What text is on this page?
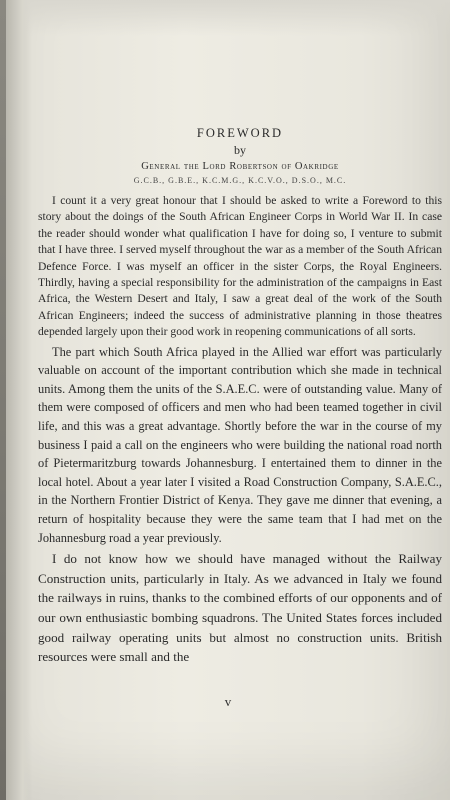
FOREWORD

by

General the Lord Robertson of Oakridge

G.C.B., G.B.E., K.C.M.G., K.C.V.O., D.S.O., M.C.

I count it a very great honour that I should be asked to write a Foreword to this story about the doings of the South African Engineer Corps in World War II. In case the reader should wonder what qualification I have for doing so, I venture to submit that I have three. I served myself throughout the war as a member of the South African Defence Force. I was myself an officer in the sister Corps, the Royal Engineers. Thirdly, having a special responsibility for the administration of the campaigns in East Africa, the Western Desert and Italy, I saw a great deal of the work of the South African Engineers; indeed the success of administrative planning in those theatres depended largely upon their good work in reopening communications of all sorts.

The part which South Africa played in the Allied war effort was particularly valuable on account of the important contribution which she made in technical units. Among them the units of the S.A.E.C. were of outstanding value. Many of them were composed of officers and men who had been teamed together in civil life, and this was a great advantage. Shortly before the war in the course of my business I paid a call on the engineers who were building the national road north of Pietermaritzburg towards Johannesburg. I entertained them to dinner in the local hotel. About a year later I visited a Road Construction Company, S.A.E.C., in the Northern Frontier District of Kenya. They gave me dinner that evening, a return of hospitality because they were the same team that I had met on the Johannesburg road a year previously.

I do not know how we should have managed without the Railway Construction units, particularly in Italy. As we advanced in Italy we found the railways in ruins, thanks to the combined efforts of our opponents and of our own enthusiastic bombing squadrons. The United States forces included good railway operating units but almost no construction units. British resources were small and the

v
